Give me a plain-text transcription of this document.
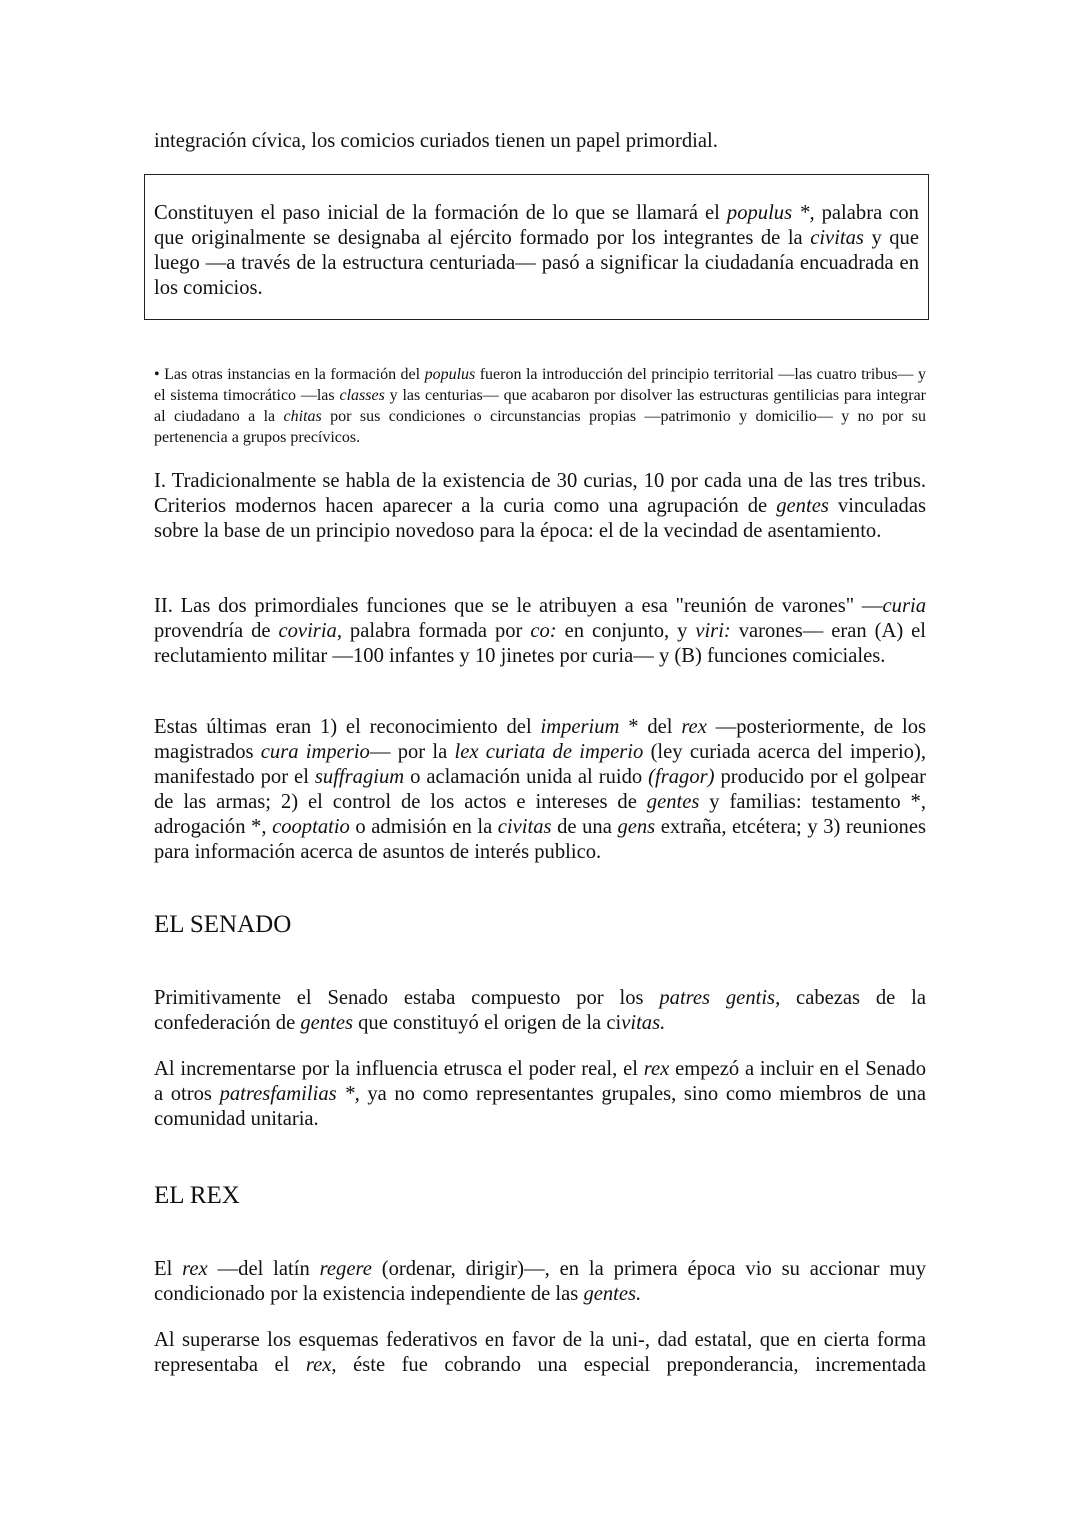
integración cívica, los comicios curiados tienen un papel primordial.

Constituyen el paso inicial de la formación de lo que se llamará el populus *, palabra con que originalmente se designaba al ejército formado por los integrantes de la civitas y que luego —a través de la estructura centuriada— pasó a significar la ciudadanía encuadrada en los comicios.

• Las otras instancias en la formación del populus fueron la introducción del principio territorial —las cuatro tribus— y el sistema timocrático —las classes y las centurias— que acabaron por disolver las estructuras gentilicias para integrar al ciudadano a la chitas por sus condiciones o circunstancias propias —patrimonio y domicilio— y no por su pertenencia a grupos precívicos.

I. Tradicionalmente se habla de la existencia de 30 curias, 10 por cada una de las tres tribus. Criterios modernos hacen aparecer a la curia como una agrupación de gentes vinculadas sobre la base de un principio novedoso para la época: el de la vecindad de asentamiento.

II. Las dos primordiales funciones que se le atribuyen a esa "reunión de varones" —curia provendría de coviria, palabra formada por co: en conjunto, y viri: varones— eran (A) el reclutamiento militar —100 infantes y 10 jinetes por curia— y (B) funciones comiciales.

Estas últimas eran 1) el reconocimiento del imperium * del rex —posteriormente, de los magistrados cura imperio— por la lex curiata de imperio (ley curiada acerca del imperio), manifestado por el suffragium o aclamación unida al ruido (fragor) producido por el golpear de las armas; 2) el control de los actos e intereses de gentes y familias: testamento *, adrogación *, cooptatio o admisión en la civitas de una gens extraña, etcétera; y 3) reuniones para información acerca de asuntos de interés publico.

EL SENADO

Primitivamente el Senado estaba compuesto por los patres gentis, cabezas de la confederación de gentes que constituyó el origen de la civitas.

Al incrementarse por la influencia etrusca el poder real, el rex empezó a incluir en el Senado a otros patresfamilias *, ya no como representantes grupales, sino como miembros de una comunidad unitaria.

EL REX

El rex —del latín regere (ordenar, dirigir)—, en la primera época vio su accionar muy condicionado por la existencia independiente de las gentes.

Al superarse los esquemas federativos en favor de la uni-, dad estatal, que en cierta forma representaba el rex, éste fue cobrando una especial preponderancia, incrementada
